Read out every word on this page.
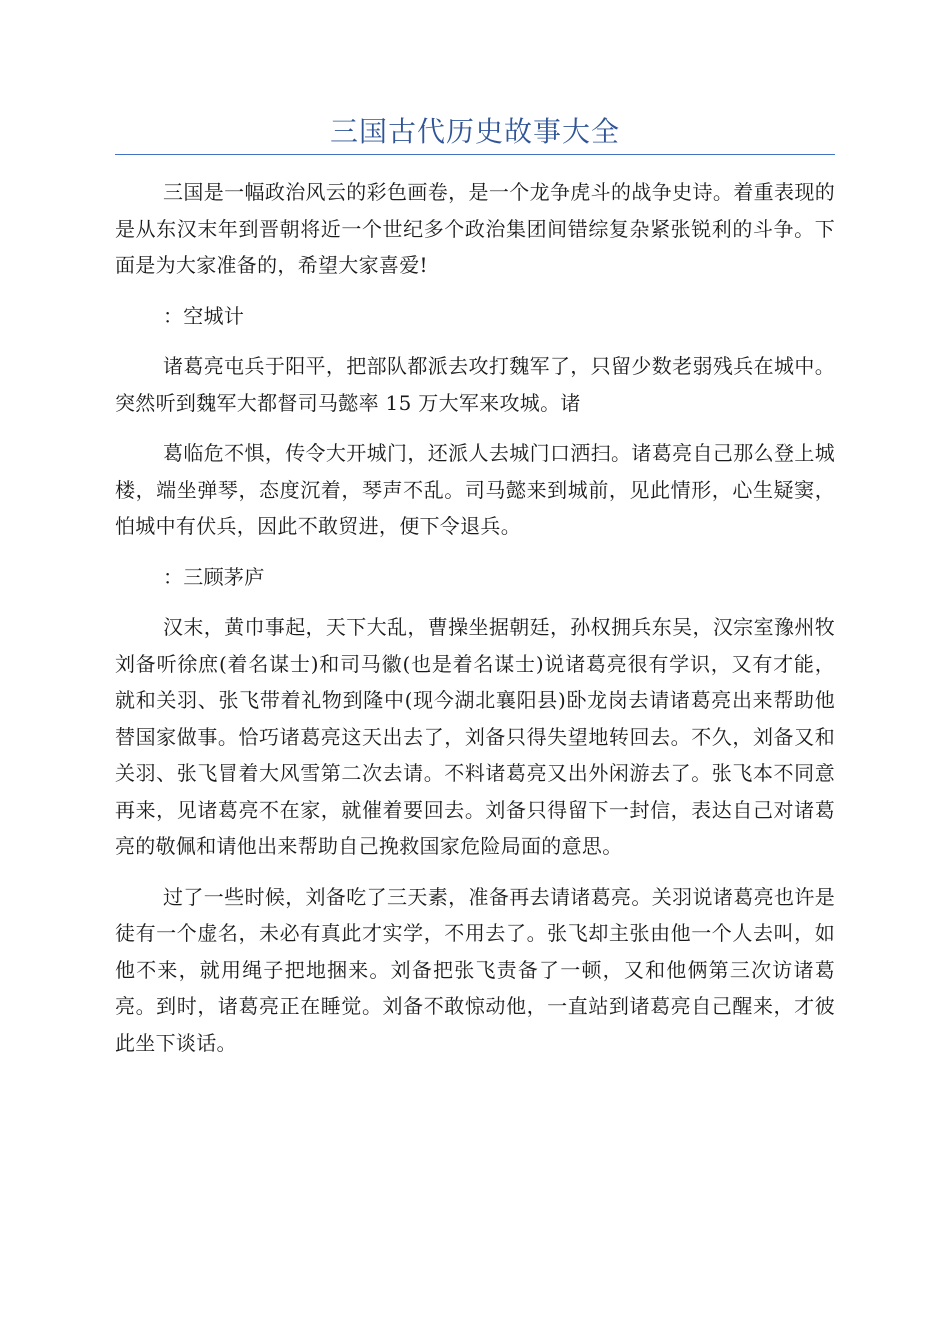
三国古代历史故事大全

三国是一幅政治风云的彩色画卷，是一个龙争虎斗的战争史诗。着重表现的是从东汉末年到晋朝将近一个世纪多个政治集团间错综复杂紧张锐利的斗争。下面是为大家准备的，希望大家喜爱!

：空城计

诸葛亮屯兵于阳平，把部队都派去攻打魏军了，只留少数老弱残兵在城中。突然听到魏军大都督司马懿率 15 万大军来攻城。诸

葛临危不惧，传令大开城门，还派人去城门口洒扫。诸葛亮自己那么登上城楼，端坐弹琴，态度沉着，琴声不乱。司马懿来到城前，见此情形，心生疑窦，怕城中有伏兵，因此不敢贸进，便下令退兵。

：三顾茅庐

汉末，黄巾事起，天下大乱，曹操坐据朝廷，孙权拥兵东吴，汉宗室豫州牧刘备听徐庶(着名谋士)和司马徽(也是着名谋士)说诸葛亮很有学识，又有才能，就和关羽、张飞带着礼物到隆中(现今湖北襄阳县)卧龙岗去请诸葛亮出来帮助他替国家做事。恰巧诸葛亮这天出去了，刘备只得失望地转回去。不久，刘备又和关羽、张飞冒着大风雪第二次去请。不料诸葛亮又出外闲游去了。张飞本不同意再来，见诸葛亮不在家，就催着要回去。刘备只得留下一封信，表达自己对诸葛亮的敬佩和请他出来帮助自己挽救国家危险局面的意思。

过了一些时候，刘备吃了三天素，准备再去请诸葛亮。关羽说诸葛亮也许是徒有一个虚名，未必有真此才实学，不用去了。张飞却主张由他一个人去叫，如他不来，就用绳子把地捆来。刘备把张飞责备了一顿，又和他俩第三次访诸葛亮。到时，诸葛亮正在睡觉。刘备不敢惊动他，一直站到诸葛亮自己醒来，才彼此坐下谈话。
